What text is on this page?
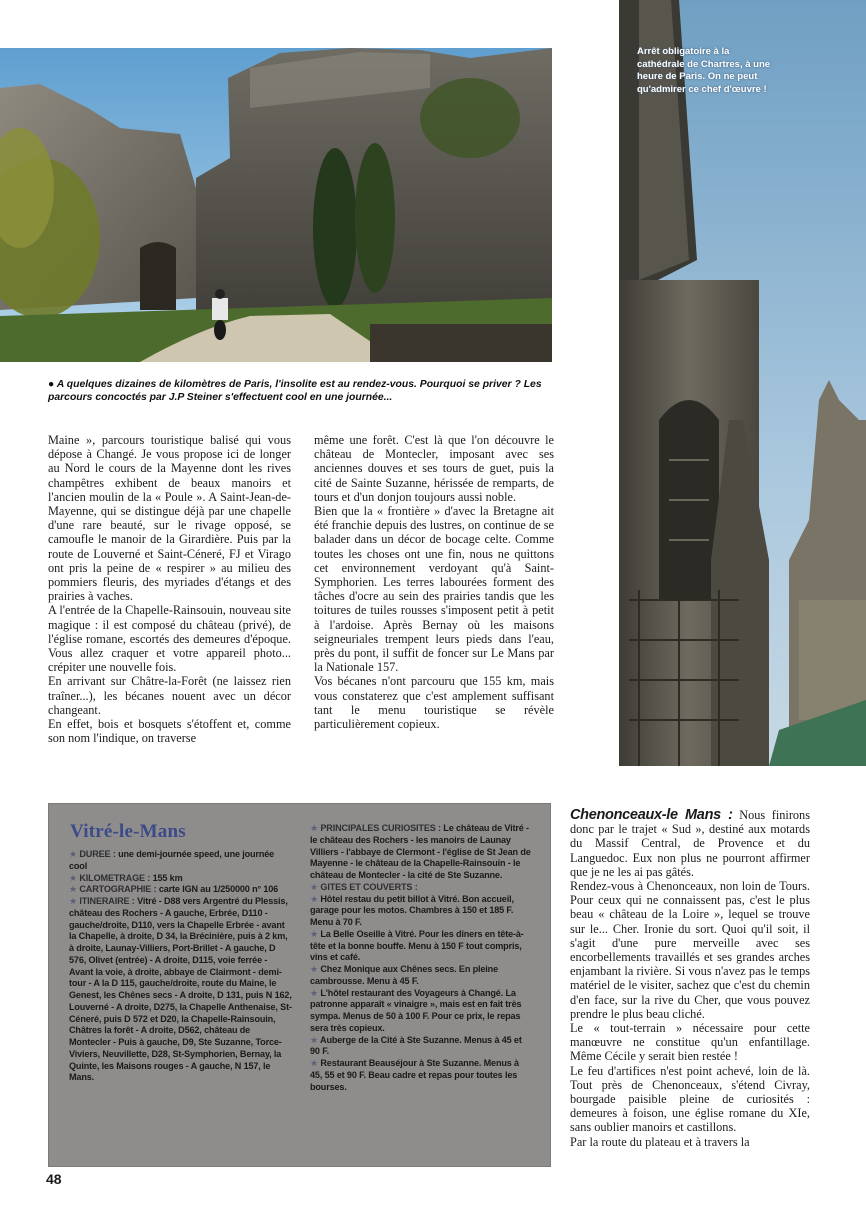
Arrêt obligatoire à la cathédrale de Chartres, à une heure de Paris. On ne peut qu'admirer ce chef d'œuvre !
● A quelques dizaines de kilomètres de Paris, l'insolite est au rendez-vous. Pourquoi se priver ? Les parcours concoctés par J.P Steiner s'effectuent cool en une journée...

Maine », parcours touristique balisé qui vous dépose à Changé. Je vous propose ici de longer au Nord le cours de la Mayenne dont les rives champêtres exhibent de beaux manoirs et l'ancien moulin de la « Poule ». A Saint-Jean-de-Mayenne, qui se distingue déjà par une chapelle d'une rare beauté, sur le rivage opposé, se camoufle le manoir de la Girardière. Puis par la route de Louverné et Saint-Céneré, FJ et Virago ont pris la peine de « respirer » au milieu des pommiers fleuris, des myriades d'étangs et des prairies à vaches.

A l'entrée de la Chapelle-Rainsouin, nouveau site magique : il est composé du château (privé), de l'église romane, escortés des demeures d'époque. Vous allez craquer et votre appareil photo... crépiter une nouvelle fois.

En arrivant sur Châtre-la-Forêt (ne laissez rien traîner...), les bécanes nouent avec un décor changeant.

En effet, bois et bosquets s'étoffent et, comme son nom l'indique, on traverse

même une forêt. C'est là que l'on découvre le château de Montecler, imposant avec ses anciennes douves et ses tours de guet, puis la cité de Sainte Suzanne, hérissée de remparts, de tours et d'un donjon toujours aussi noble.

Bien que la « frontière » d'avec la Bretagne ait été franchie depuis des lustres, on continue de se balader dans un décor de bocage celte. Comme toutes les choses ont une fin, nous ne quittons cet environnement verdoyant qu'à Saint-Symphorien. Les terres labourées forment des tâches d'ocre au sein des prairies tandis que les toitures de tuiles rousses s'imposent petit à petit à l'ardoise. Après Bernay où les maisons seigneuriales trempent leurs pieds dans l'eau, près du pont, il suffit de foncer sur Le Mans par la Nationale 157.

Vos bécanes n'ont parcouru que 155 km, mais vous constaterez que c'est amplement suffisant tant le menu touristique se révèle particulièrement copieux.

Vitré-le-Mans

★ DUREE : une demi-journée speed, une journée cool

★ KILOMETRAGE : 155 km

★ CARTOGRAPHIE : carte IGN au 1/250000 n° 106

★ ITINERAIRE : Vitré - D88 vers Argentré du Plessis, château des Rochers - A gauche, Erbrée, D110 - gauche/droite, D110, vers la Chapelle Erbrée - avant la Chapelle, à droite, D 34, la Brécinière, puis à 2 km, à droite, Launay-Villiers, Port-Brillet - A gauche, D 576, Olivet (entrée) - A droite, D115, voie ferrée - Avant la voie, à droite, abbaye de Clairmont - demi-tour - A la D 115, gauche/droite, route du Maine, le Genest, les Chênes secs - A droite, D 131, puis N 162, Louverné - A droite, D275, la Chapelle Anthenaise, St-Céneré, puis D 572 et D20, la Chapelle-Rainsouin, Châtres la forêt - A droite, D562, château de Montecler - Puis à gauche, D9, Ste Suzanne, Torce-Viviers, Neuvillette, D28, St-Symphorien, Bernay, la Quinte, les Maisons rouges - A gauche, N 157, le Mans.

★ PRINCIPALES CURIOSITES : Le château de Vitré - le château des Rochers - les manoirs de Launay Villiers - l'abbaye de Clermont - l'église de St Jean de Mayenne - le château de la Chapelle-Rainsouin - le château de Montecler - la cité de Ste Suzanne.

★ GITES ET COUVERTS :

★ Hôtel restau du petit billot à Vitré. Bon accueil, garage pour les motos. Chambres à 150 et 185 F. Menu à 70 F.

★ La Belle Oseille à Vitré. Pour les dîners en tête-à-tête et la bonne bouffe. Menu à 150 F tout compris, vins et café.

★ Chez Monique aux Chênes secs. En pleine cambrousse. Menu à 45 F.

★ L'hôtel restaurant des Voyageurs à Changé. La patronne apparaît « vinaigre », mais est en fait très sympa. Menus de 50 à 100 F. Pour ce prix, le repas sera très copieux.

★ Auberge de la Cité à Ste Suzanne. Menus à 45 et 90 F.

★ Restaurant Beauséjour à Ste Suzanne. Menus à 45, 55 et 90 F. Beau cadre et repas pour toutes les bourses.

Chenonceaux-le Mans : Nous finirons donc par le trajet « Sud », destiné aux motards du Massif Central, de Provence et du Languedoc. Eux non plus ne pourront affirmer que je ne les ai pas gâtés.

Rendez-vous à Chenonceaux, non loin de Tours. Pour ceux qui ne connaissent pas, c'est le plus beau « château de la Loire », lequel se trouve sur le... Cher. Ironie du sort. Quoi qu'il soit, il s'agit d'une pure merveille avec ses encorbellements travaillés et ses grandes arches enjambant la rivière. Si vous n'avez pas le temps matériel de le visiter, sachez que c'est du chemin d'en face, sur la rive du Cher, que vous pouvez prendre le plus beau cliché.

Le « tout-terrain » nécessaire pour cette manœuvre ne constitue qu'un enfantillage. Même Cécile y serait bien restée !

Le feu d'artifices n'est point achevé, loin de là. Tout près de Chenonceaux, s'étend Civray, bourgade paisible pleine de curiosités : demeures à foison, une église romane du XIe, sans oublier manoirs et castillons.

Par la route du plateau et à travers la

48
